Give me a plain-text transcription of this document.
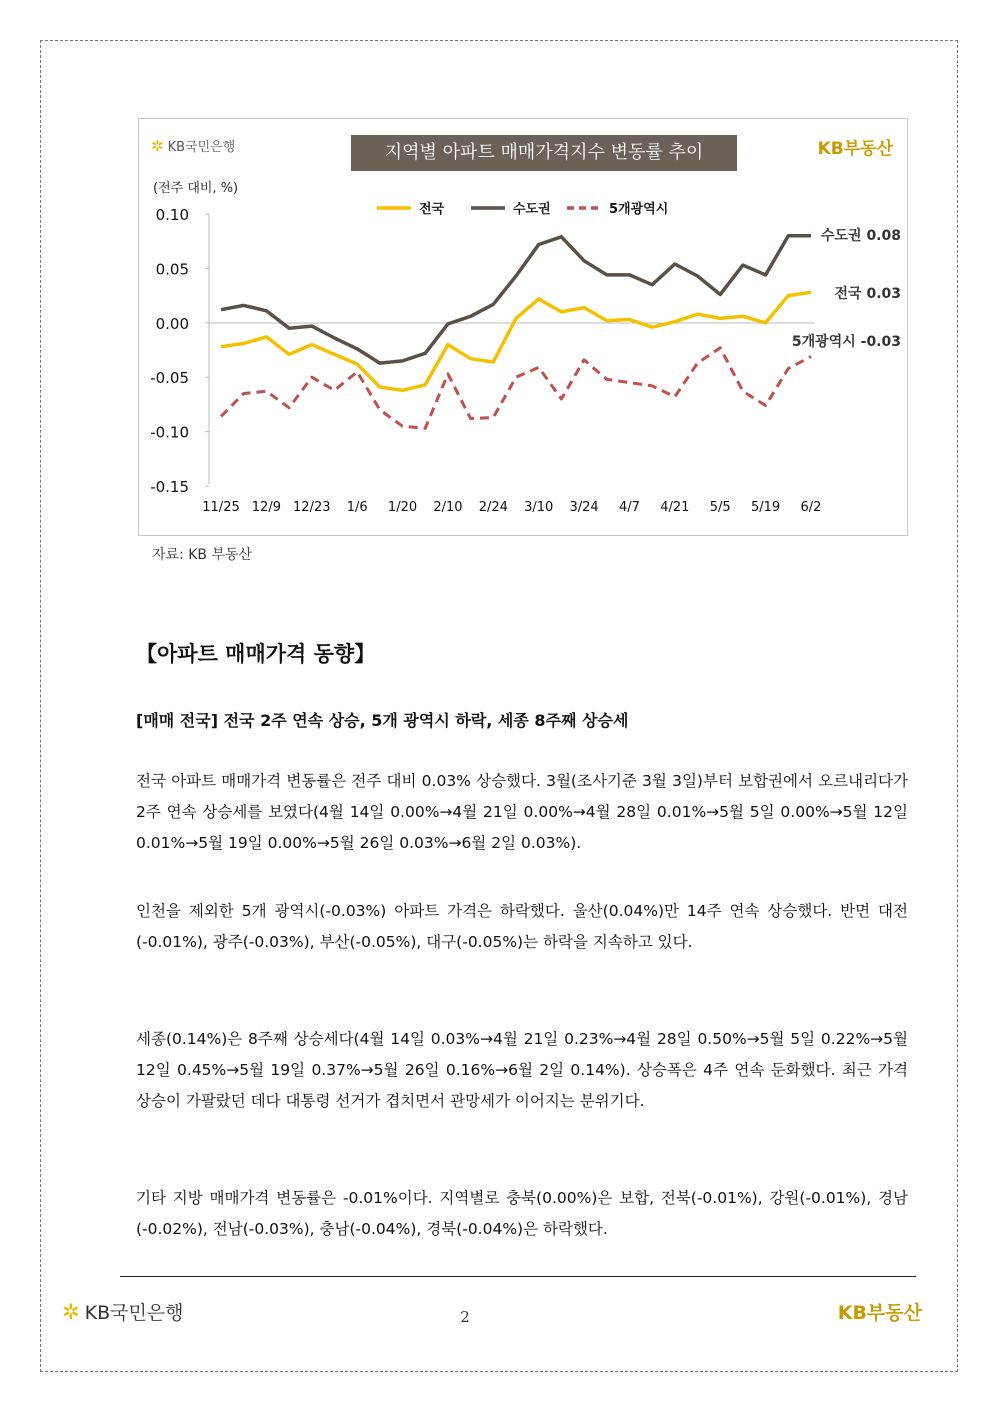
✲ KB국민은행	지역별 아파트 매매가격지수 변동률 추이	KB부동산
(전주 대비, %)
0.10
0.05
0.00
-0.05
-0.10
-0.15
11/25 12/9 12/23 1/6 1/20 2/10 2/24 3/10 3/24 4/7 4/21 5/5 5/19 6/2
전국	수도권	5개광역시
전국 0.03
수도권 0.08
5개광역시 -0.03
자료: KB 부동산
【아파트 매매가격 동향】
[매매 전국] 전국 2주 연속 상승, 5개 광역시 하락, 세종 8주째 상승세
전국 아파트 매매가격 변동률은 전주 대비 0.03% 상승했다. 3월(조사기준 3월 3일)부터 보합권에서 오르내리다가 2주 연속 상승세를 보였다(4월 14일 0.00%→4월 21일 0.00%→4월 28일 0.01%→5월 5일 0.00%→5월 12일 0.01%→5월 19일 0.00%→5월 26일 0.03%→6월 2일 0.03%).
인천을 제외한 5개 광역시(-0.03%) 아파트 가격은 하락했다. 울산(0.04%)만 14주 연속 상승했다. 반면 대전(-0.01%), 광주(-0.03%), 부산(-0.05%), 대구(-0.05%)는 하락을 지속하고 있다.
세종(0.14%)은 8주째 상승세다(4월 14일 0.03%→4월 21일 0.23%→4월 28일 0.50%→5월 5일 0.22%→5월 12일 0.45%→5월 19일 0.37%→5월 26일 0.16%→6월 2일 0.14%). 상승폭은 4주 연속 둔화했다. 최근 가격 상승이 가팔랐던 데다 대통령 선거가 겹치면서 관망세가 이어지는 분위기다.
기타 지방 매매가격 변동률은 -0.01%이다. 지역별로 충북(0.00%)은 보합, 전북(-0.01%), 강원(-0.01%), 경남(-0.02%), 전남(-0.03%), 충남(-0.04%), 경북(-0.04%)은 하락했다.
✲ KB국민은행	2	KB부동산
